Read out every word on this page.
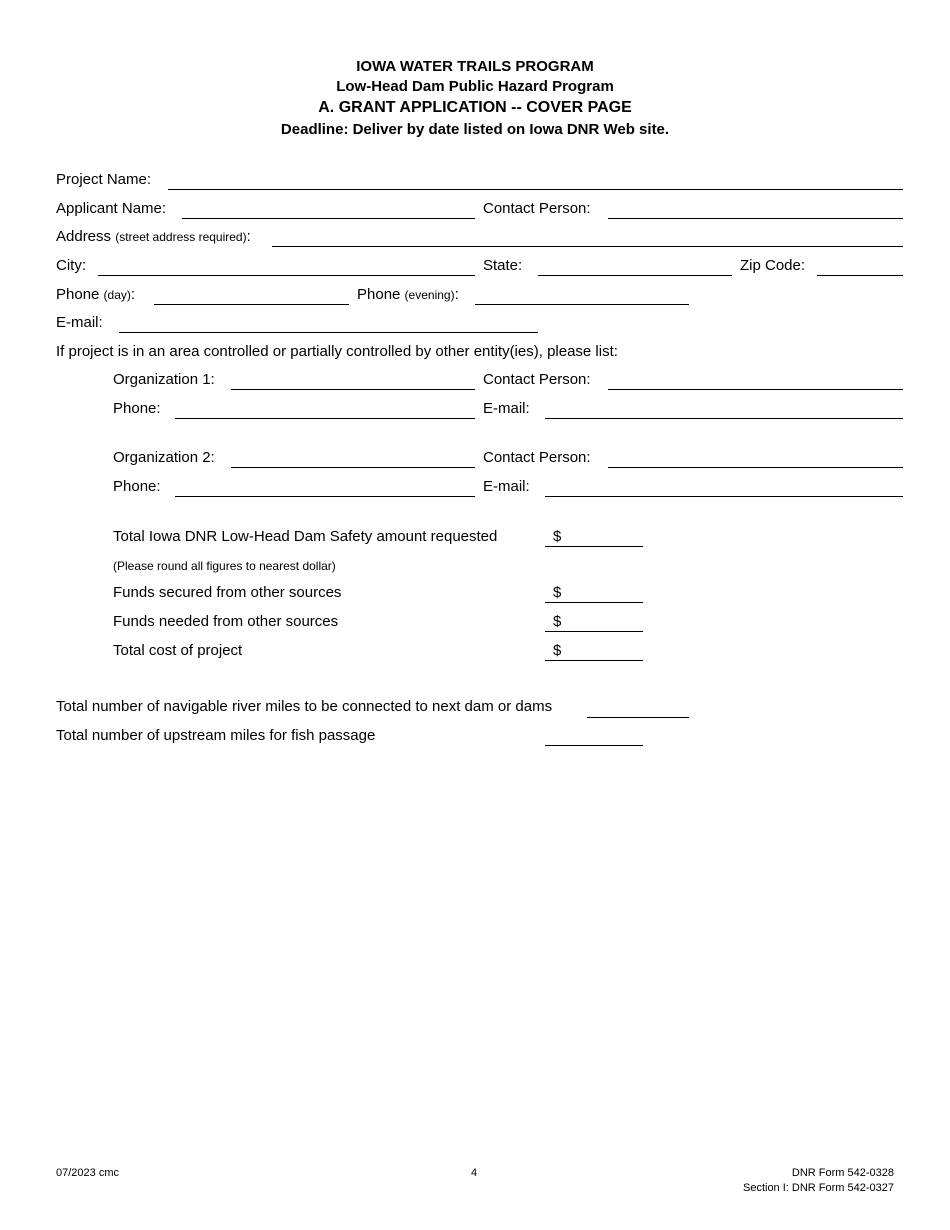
IOWA WATER TRAILS PROGRAM
Low-Head Dam Public Hazard Program
A. GRANT APPLICATION -- COVER PAGE
Deadline: Deliver by date listed on Iowa DNR Web site.
Project Name:
Applicant Name:	Contact Person:
Address (street address required):
City:	State:	Zip Code:
Phone (day):	Phone (evening):
E-mail:
If project is in an area controlled or partially controlled by other entity(ies), please list:
Organization 1:	Contact Person:
Phone:	E-mail:
Organization 2:	Contact Person:
Phone:	E-mail:
Total Iowa DNR Low-Head Dam Safety amount requested	$
(Please round all figures to nearest dollar)
Funds secured from other sources	$
Funds needed from other sources	$
Total cost of project	$
Total number of navigable river miles to be connected to next dam or dams
Total number of upstream miles for fish passage
07/2023 cmc	4	DNR Form 542-0328
Section I: DNR Form 542-0327
